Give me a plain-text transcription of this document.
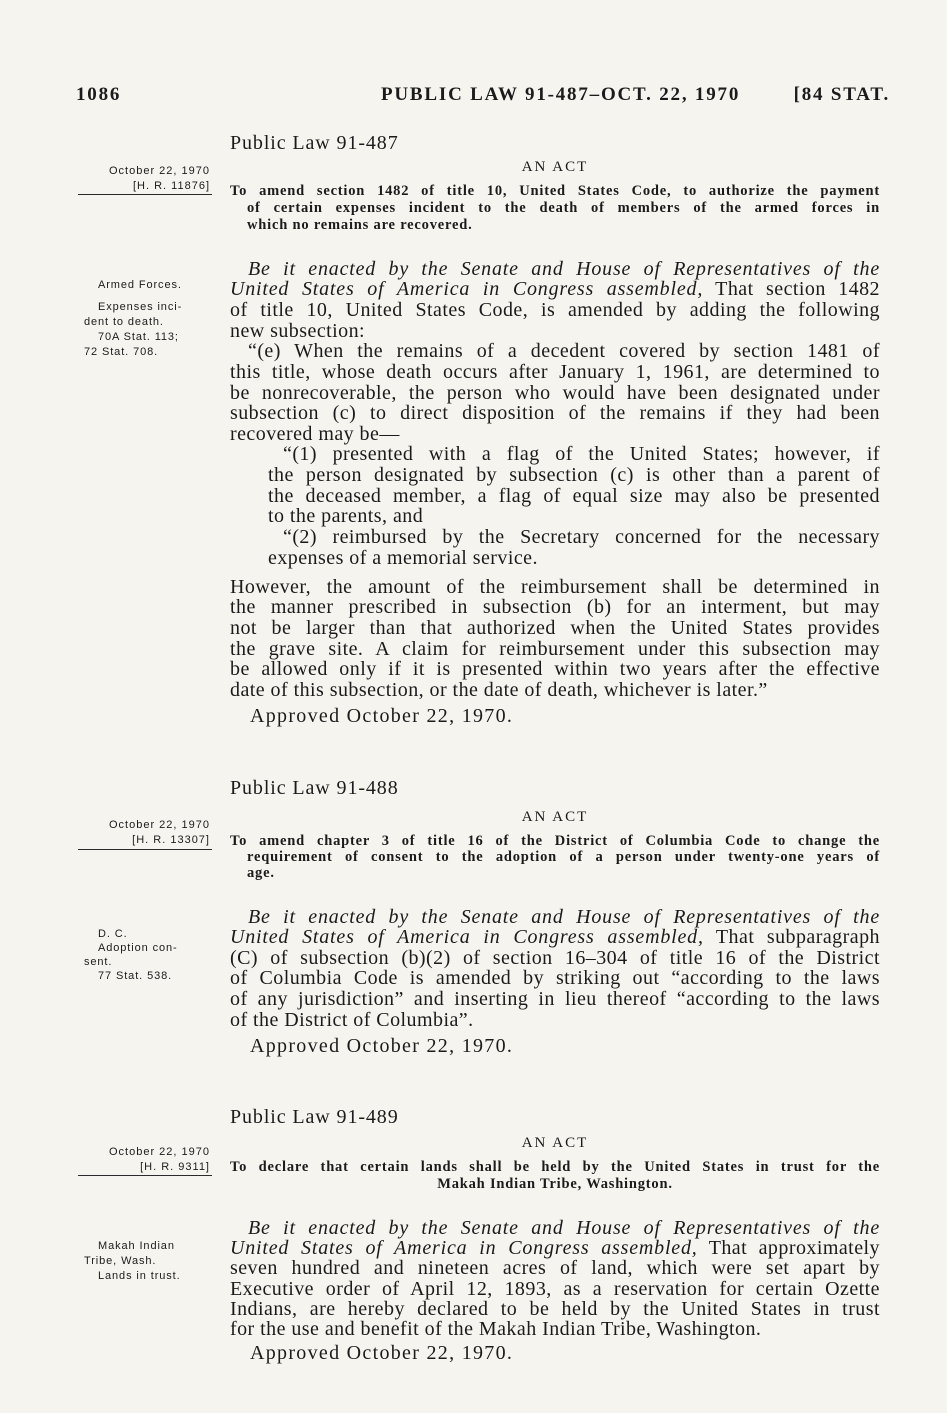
1086	PUBLIC LAW 91-487–OCT. 22, 1970	[84 STAT.
Public Law 91-487
October 22, 1970
[H. R. 11876]
AN ACT
To amend section 1482 of title 10, United States Code, to authorize the payment
of certain expenses incident to the death of members of the armed forces in
which no remains are recovered.
Armed Forces.
Expenses inci-
dent to death.
70A Stat. 113;
72 Stat. 708.
Be it enacted by the Senate and House of Representatives of the
United States of America in Congress assembled, That section 1482
of title 10, United States Code, is amended by adding the following
new subsection:
“(e) When the remains of a decedent covered by section 1481 of
this title, whose death occurs after January 1, 1961, are determined to
be nonrecoverable, the person who would have been designated under
subsection (c) to direct disposition of the remains if they had been
recovered may be—
“(1) presented with a flag of the United States; however, if
the person designated by subsection (c) is other than a parent of
the deceased member, a flag of equal size may also be presented
to the parents, and
“(2) reimbursed by the Secretary concerned for the necessary
expenses of a memorial service.
However, the amount of the reimbursement shall be determined in
the manner prescribed in subsection (b) for an interment, but may
not be larger than that authorized when the United States provides
the grave site. A claim for reimbursement under this subsection may
be allowed only if it is presented within two years after the effective
date of this subsection, or the date of death, whichever is later.”
Approved October 22, 1970.
Public Law 91-488
October 22, 1970
[H. R. 13307]
AN ACT
To amend chapter 3 of title 16 of the District of Columbia Code to change the
requirement of consent to the adoption of a person under twenty-one years of
age.
D. C.
Adoption con-
sent.
77 Stat. 538.
Be it enacted by the Senate and House of Representatives of the
United States of America in Congress assembled, That subparagraph
(C) of subsection (b)(2) of section 16–304 of title 16 of the District
of Columbia Code is amended by striking out “according to the laws
of any jurisdiction” and inserting in lieu thereof “according to the laws
of the District of Columbia”.
Approved October 22, 1970.
Public Law 91-489
October 22, 1970
[H. R. 9311]
AN ACT
To declare that certain lands shall be held by the United States in trust for the
Makah Indian Tribe, Washington.
Makah Indian
Tribe, Wash.
Lands in trust.
Be it enacted by the Senate and House of Representatives of the
United States of America in Congress assembled, That approximately
seven hundred and nineteen acres of land, which were set apart by
Executive order of April 12, 1893, as a reservation for certain Ozette
Indians, are hereby declared to be held by the United States in trust
for the use and benefit of the Makah Indian Tribe, Washington.
Approved October 22, 1970.
